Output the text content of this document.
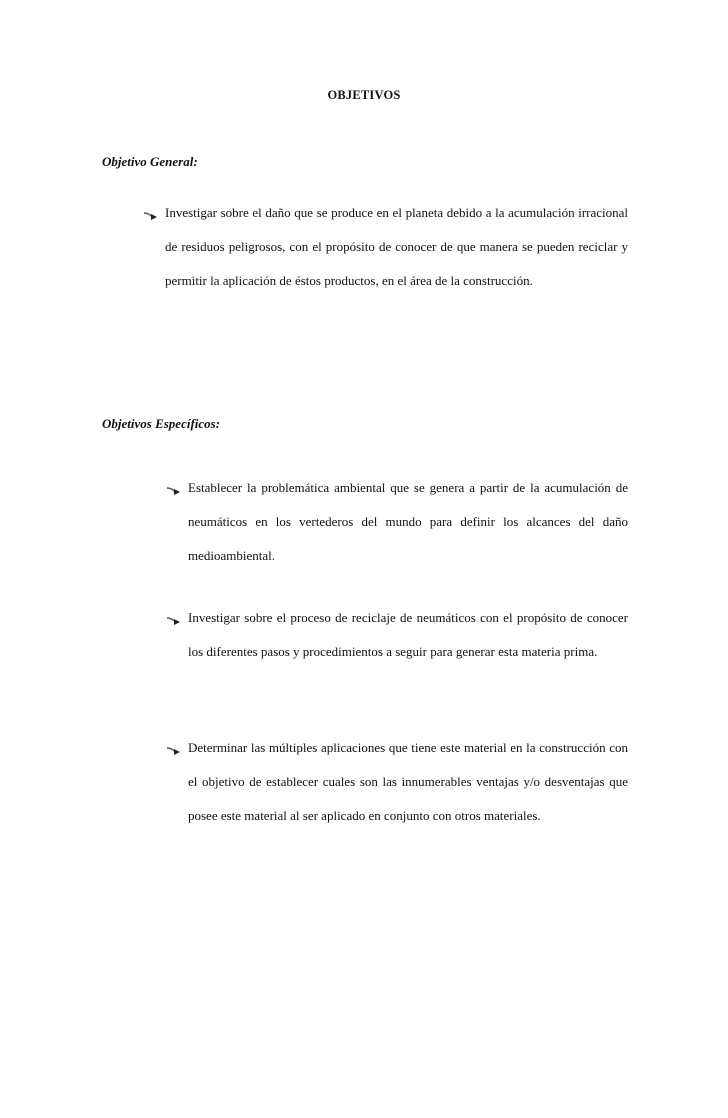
OBJETIVOS
Objetivo General:
Investigar sobre el daño que se produce en el planeta debido a la acumulación irracional de residuos peligrosos, con el propósito de conocer de que manera se pueden reciclar y permitir la aplicación de éstos productos, en el área de la construcción.
Objetivos Específicos:
Establecer la problemática ambiental que se genera a partir de la acumulación de neumáticos en los vertederos del mundo para definir los alcances del daño medioambiental.
Investigar sobre el proceso de reciclaje de neumáticos con el propósito de conocer los diferentes pasos y procedimientos a seguir para generar esta materia prima.
Determinar las múltiples aplicaciones que tiene este material en la construcción con el objetivo de establecer cuales son las innumerables ventajas y/o desventajas que posee este material al ser aplicado en conjunto con otros materiales.
